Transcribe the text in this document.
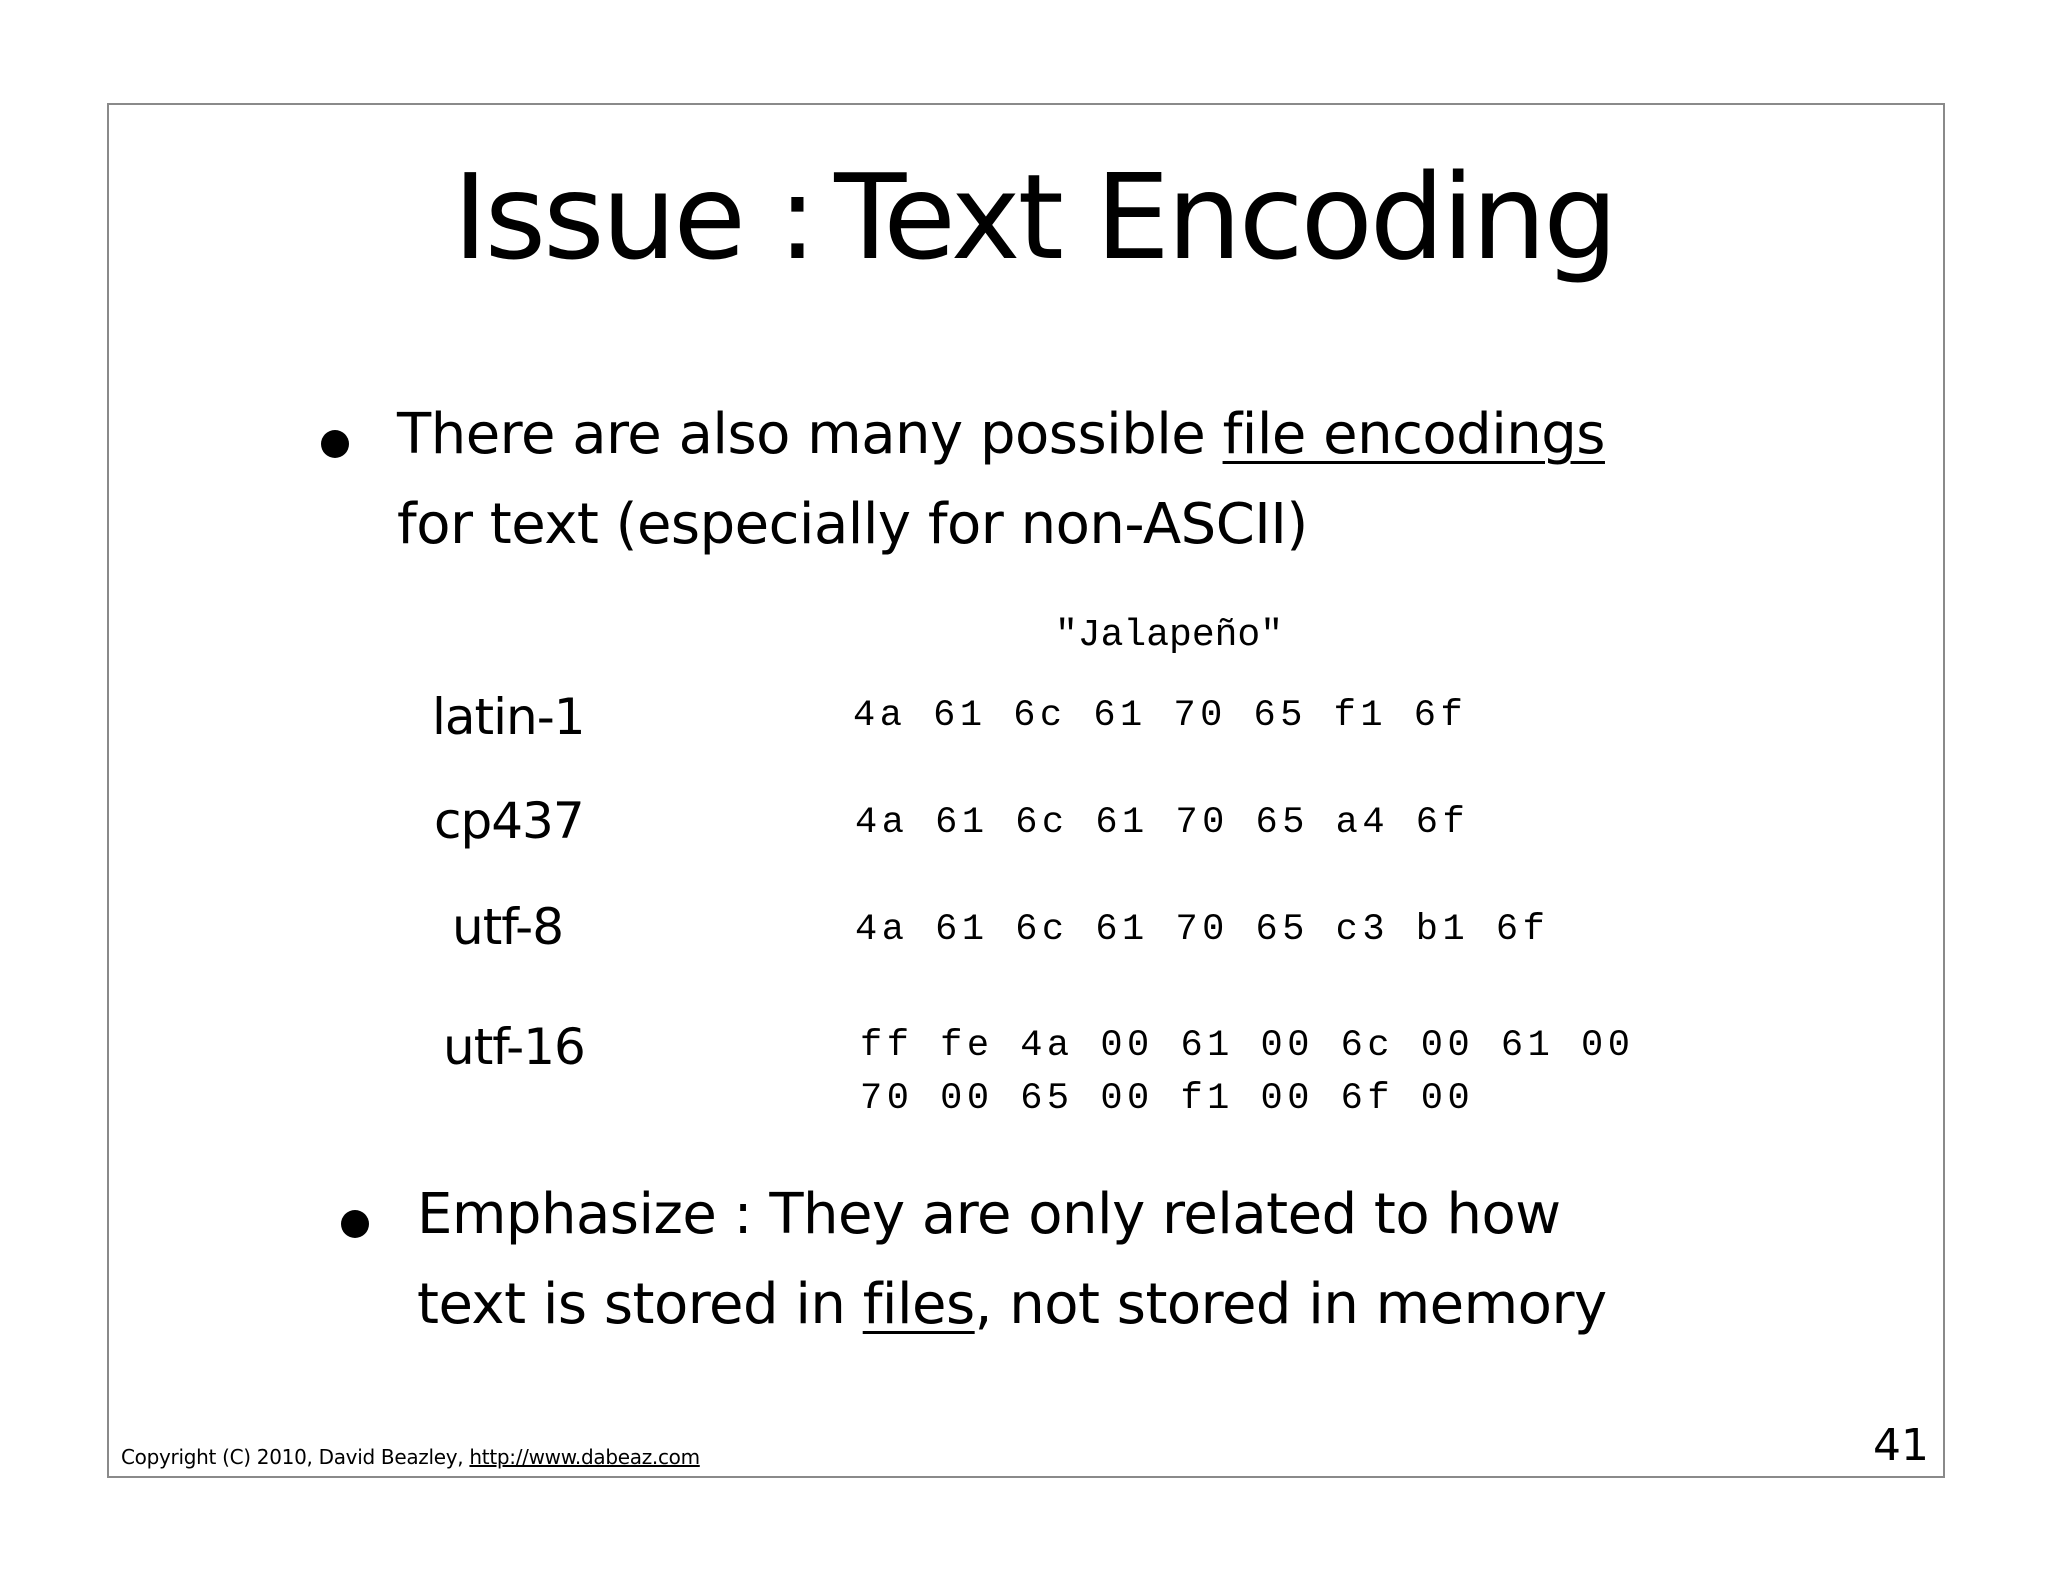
Issue : Text Encoding
There are also many possible file encodings
for text (especially for non-ASCII)
"Jalapeño"
latin-1	4a 61 6c 61 70 65 f1 6f
cp437	4a 61 6c 61 70 65 a4 6f
utf-8	4a 61 6c 61 70 65 c3 b1 6f
utf-16	ff fe 4a 00 61 00 6c 00 61 00
70 00 65 00 f1 00 6f 00
Emphasize : They are only related to how
text is stored in files, not stored in memory
Copyright (C) 2010, David Beazley, http://www.dabeaz.com	41
